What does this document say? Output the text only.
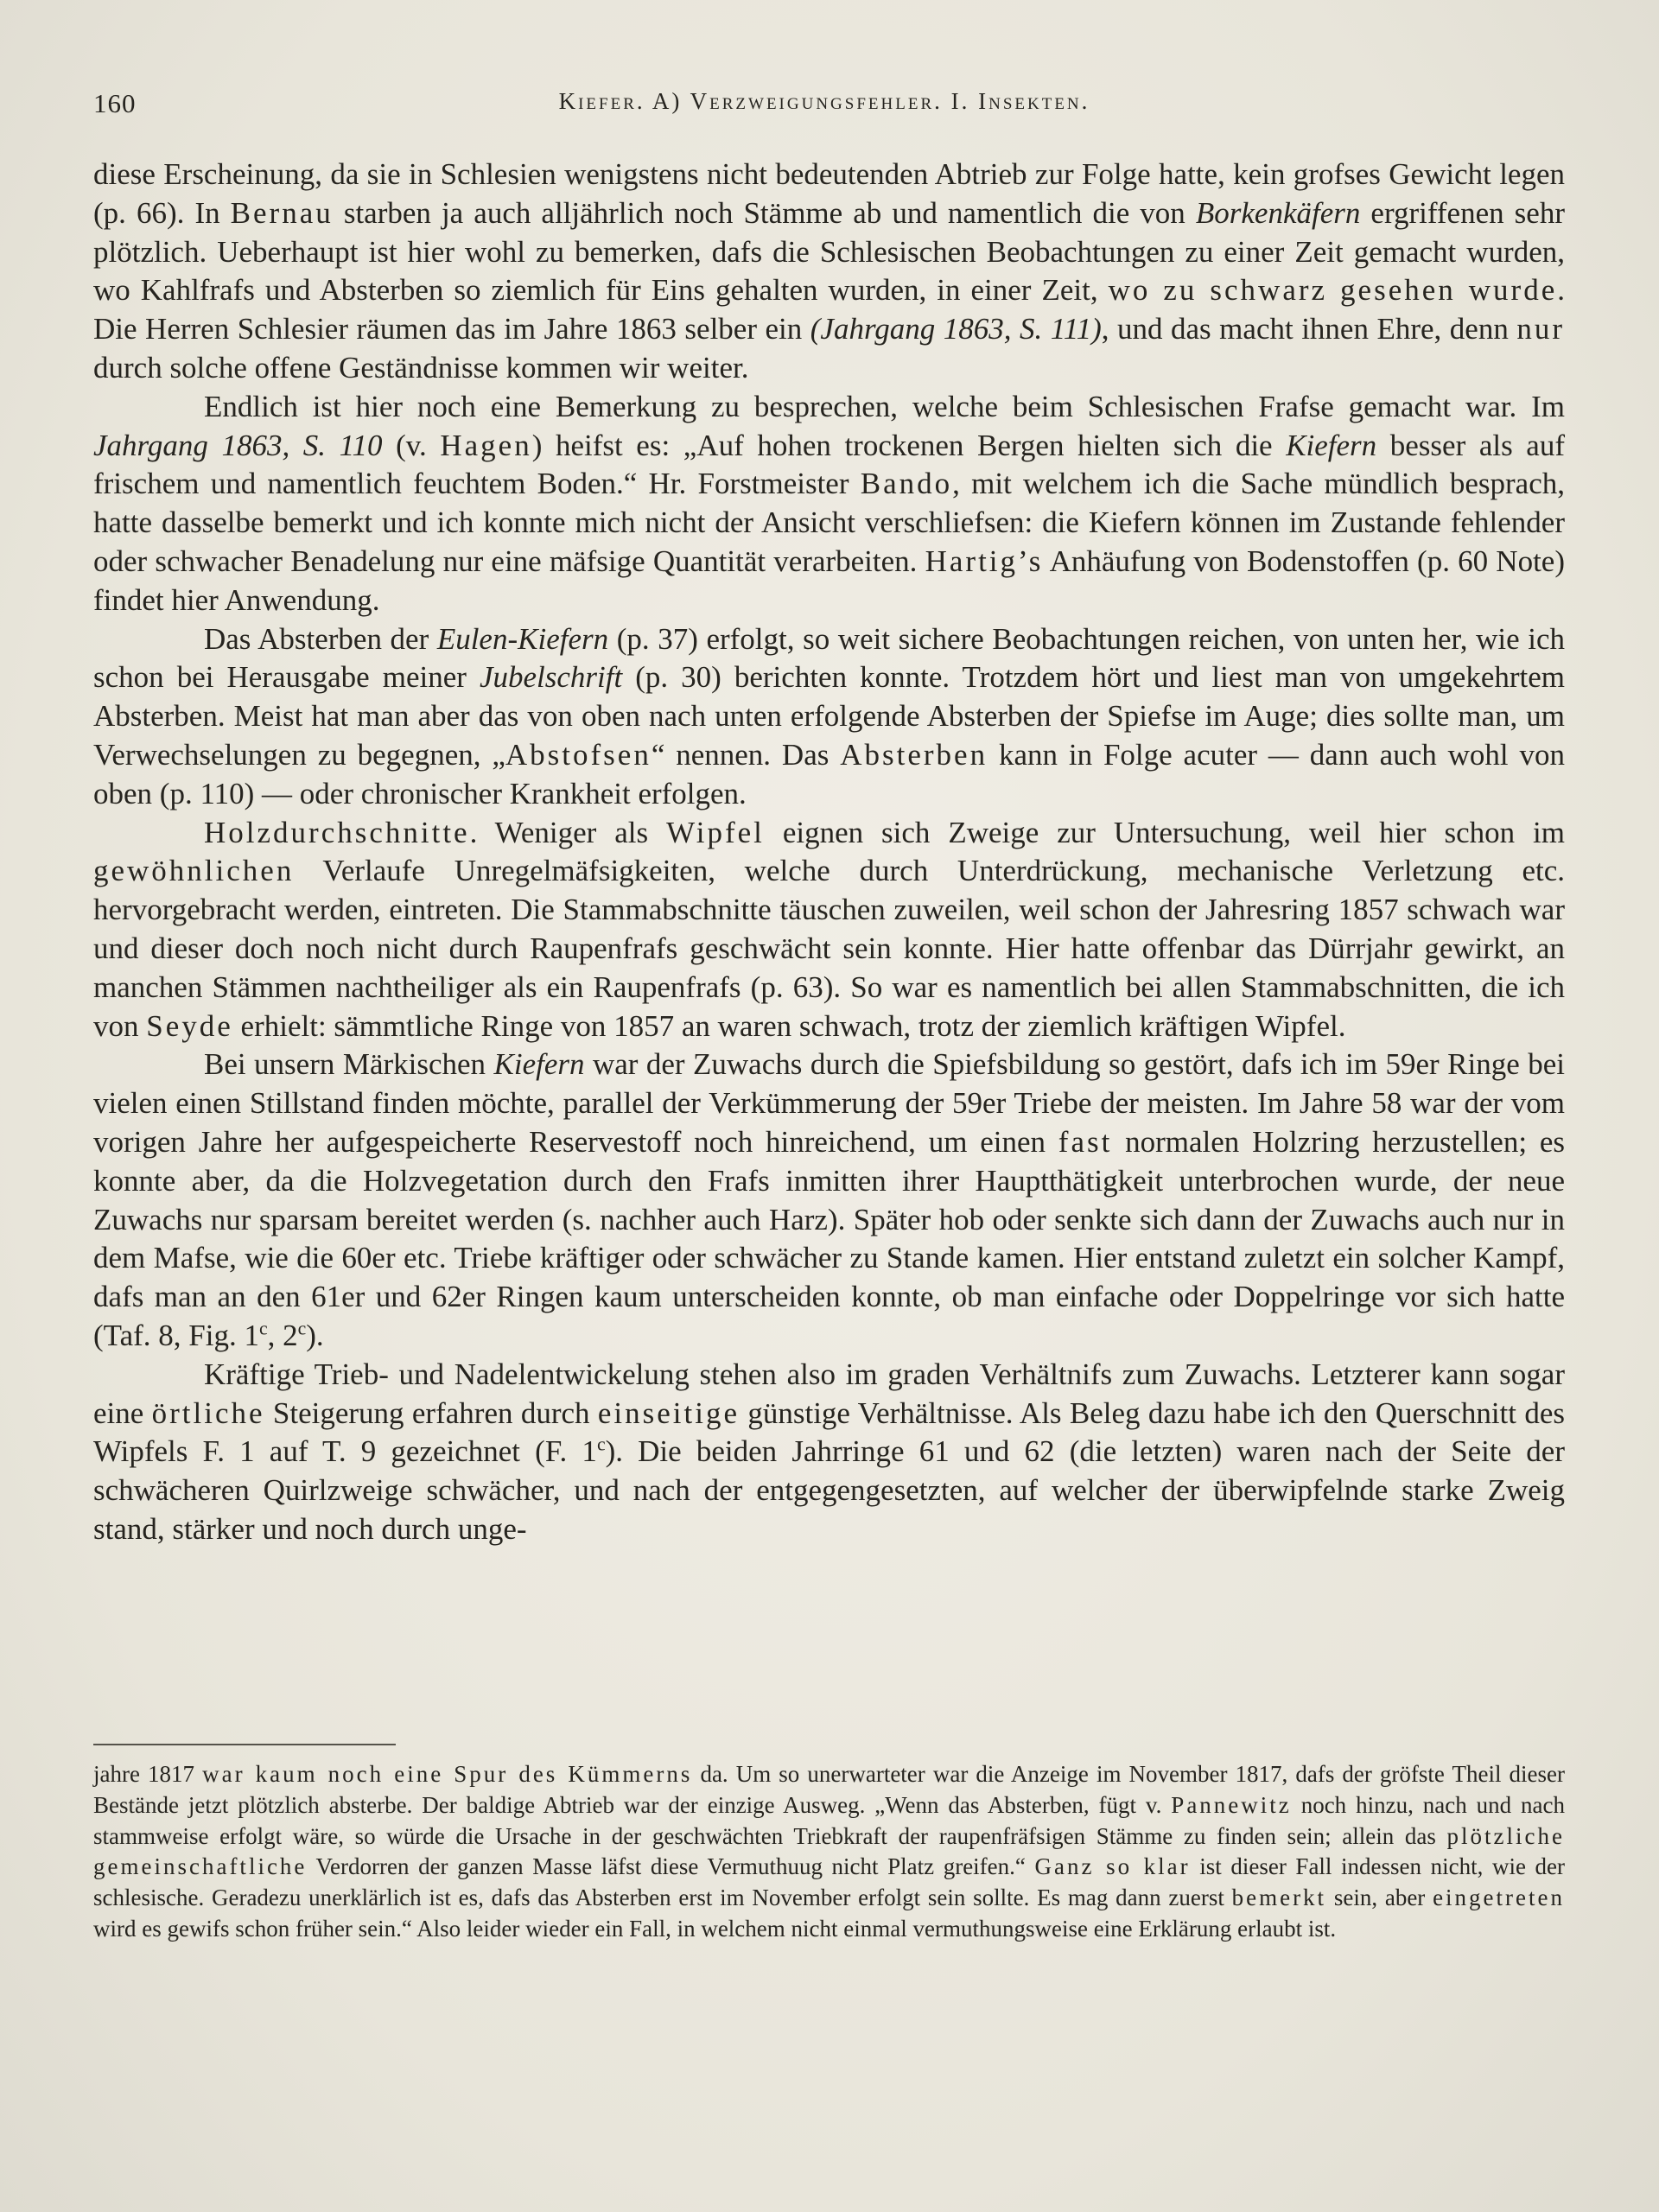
160	Kiefer. A) Verzweigungsfehler. I. Insekten.

diese Erscheinung, da sie in Schlesien wenigstens nicht bedeutenden Abtrieb zur Folge hatte, kein grofses Gewicht legen (p. 66). In Bernau starben ja auch alljährlich noch Stämme ab und namentlich die von Borkenkäfern ergriffenen sehr plötzlich. Ueberhaupt ist hier wohl zu bemerken, dafs die Schlesischen Beobachtungen zu einer Zeit gemacht wurden, wo Kahlfrafs und Absterben so ziemlich für Eins gehalten wurden, in einer Zeit, wo zu schwarz gesehen wurde. Die Herren Schlesier räumen das im Jahre 1863 selber ein (Jahrgang 1863, S. 111), und das macht ihnen Ehre, denn nur durch solche offene Geständnisse kommen wir weiter.

Endlich ist hier noch eine Bemerkung zu besprechen, welche beim Schlesischen Frafse gemacht war. Im Jahrgang 1863, S. 110 (v. Hagen) heifst es: „Auf hohen trockenen Bergen hielten sich die Kiefern besser als auf frischem und namentlich feuchtem Boden.“ Hr. Forstmeister Bando, mit welchem ich die Sache mündlich besprach, hatte dasselbe bemerkt und ich konnte mich nicht der Ansicht verschliefsen: die Kiefern können im Zustande fehlender oder schwacher Benadelung nur eine mäfsige Quantität verarbeiten. Hartig’s Anhäufung von Bodenstoffen (p. 60 Note) findet hier Anwendung.

Das Absterben der Eulen-Kiefern (p. 37) erfolgt, so weit sichere Beobachtungen reichen, von unten her, wie ich schon bei Herausgabe meiner Jubelschrift (p. 30) berichten konnte. Trotzdem hört und liest man von umgekehrtem Absterben. Meist hat man aber das von oben nach unten erfolgende Absterben der Spiefse im Auge; dies sollte man, um Verwechselungen zu begegnen, „Abstofsen“ nennen. Das Absterben kann in Folge acuter — dann auch wohl von oben (p. 110) — oder chronischer Krankheit erfolgen.

Holzdurchschnitte. Weniger als Wipfel eignen sich Zweige zur Untersuchung, weil hier schon im gewöhnlichen Verlaufe Unregelmäfsigkeiten, welche durch Unterdrückung, mechanische Verletzung etc. hervorgebracht werden, eintreten. Die Stammabschnitte täuschen zuweilen, weil schon der Jahresring 1857 schwach war und dieser doch noch nicht durch Raupenfrafs geschwächt sein konnte. Hier hatte offenbar das Dürrjahr gewirkt, an manchen Stämmen nachtheiliger als ein Raupenfrafs (p. 63). So war es namentlich bei allen Stammabschnitten, die ich von Seyde erhielt: sämmtliche Ringe von 1857 an waren schwach, trotz der ziemlich kräftigen Wipfel.

Bei unsern Märkischen Kiefern war der Zuwachs durch die Spiefsbildung so gestört, dafs ich im 59er Ringe bei vielen einen Stillstand finden möchte, parallel der Verkümmerung der 59er Triebe der meisten. Im Jahre 58 war der vom vorigen Jahre her aufgespeicherte Reservestoff noch hinreichend, um einen fast normalen Holzring herzustellen; es konnte aber, da die Holzvegetation durch den Frafs inmitten ihrer Hauptthätigkeit unterbrochen wurde, der neue Zuwachs nur sparsam bereitet werden (s. nachher auch Harz). Später hob oder senkte sich dann der Zuwachs auch nur in dem Mafse, wie die 60er etc. Triebe kräftiger oder schwächer zu Stande kamen. Hier entstand zuletzt ein solcher Kampf, dafs man an den 61er und 62er Ringen kaum unterscheiden konnte, ob man einfache oder Doppelringe vor sich hatte (Taf. 8, Fig. 1$^c$, 2$^c$).

Kräftige Trieb- und Nadelentwickelung stehen also im graden Verhältnifs zum Zuwachs. Letzterer kann sogar eine örtliche Steigerung erfahren durch einseitige günstige Verhältnisse. Als Beleg dazu habe ich den Querschnitt des Wipfels F. 1 auf T. 9 gezeichnet (F. 1$^c$). Die beiden Jahrringe 61 und 62 (die letzten) waren nach der Seite der schwächeren Quirlzweige schwächer, und nach der entgegengesetzten, auf welcher der überwipfelnde starke Zweig stand, stärker und noch durch unge-

jahre 1817 war kaum noch eine Spur des Kümmerns da. Um so unerwarteter war die Anzeige im November 1817, dafs der gröfste Theil dieser Bestände jetzt plötzlich absterbe. Der baldige Abtrieb war der einzige Ausweg. „Wenn das Absterben, fügt v. Pannewitz noch hinzu, nach und nach stammweise erfolgt wäre, so würde die Ursache in der geschwächten Triebkraft der raupenfräfsigen Stämme zu finden sein; allein das plötzliche gemeinschaftliche Verdorren der ganzen Masse läfst diese Vermuthuug nicht Platz greifen.“ Ganz so klar ist dieser Fall indessen nicht, wie der schlesische. Geradezu unerklärlich ist es, dafs das Absterben erst im November erfolgt sein sollte. Es mag dann zuerst bemerkt sein, aber eingetreten wird es gewifs schon früher sein.“ Also leider wieder ein Fall, in welchem nicht einmal vermuthungsweise eine Erklärung erlaubt ist.
